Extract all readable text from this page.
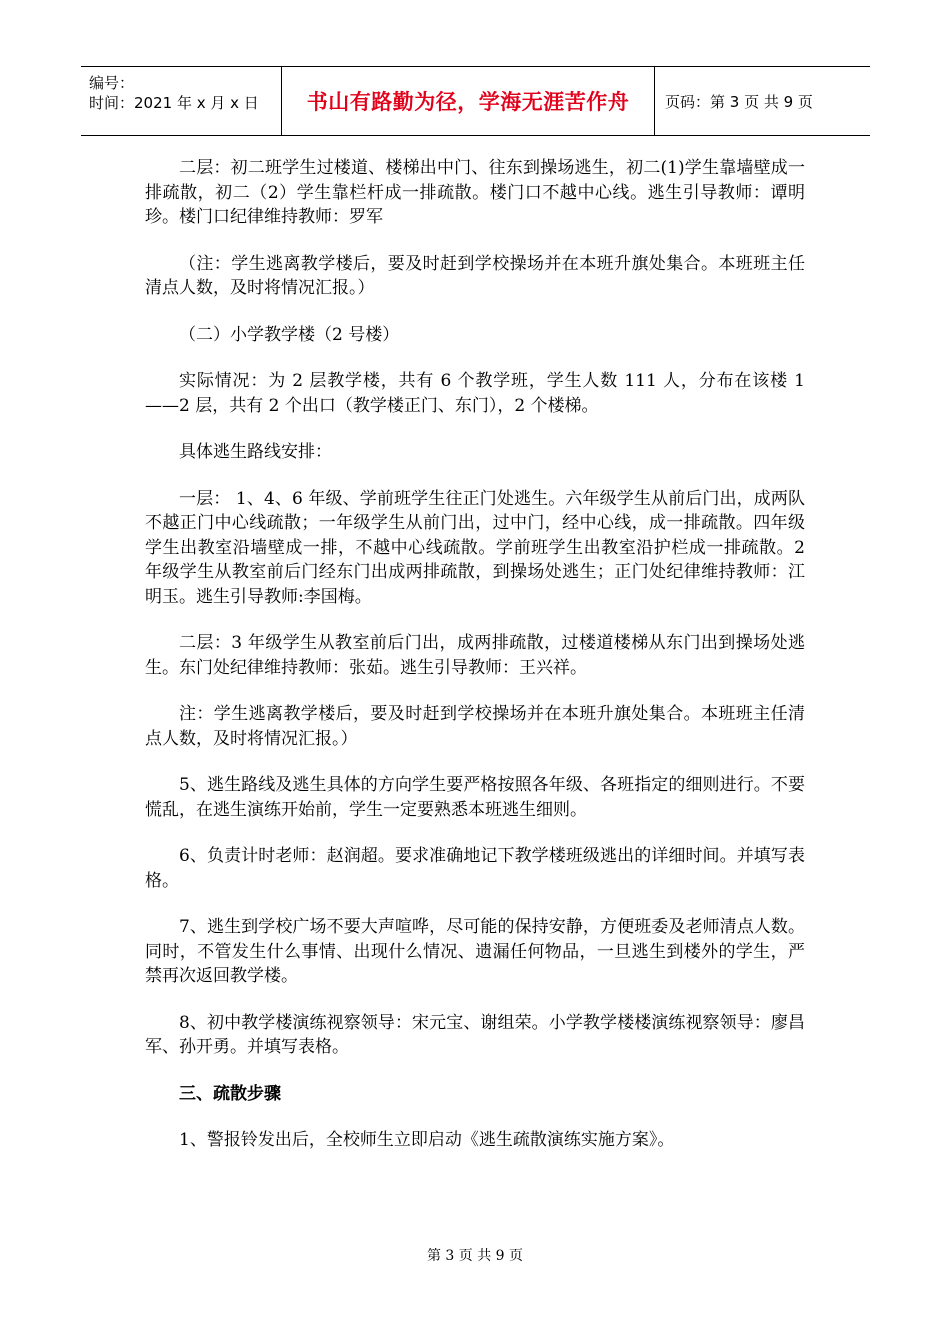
编号：
时间：2021 年 x 月 x 日	书山有路勤为径，学海无涯苦作舟 页码：第 3 页 共 9 页

二层：初二班学生过楼道、楼梯出中门、往东到操场逃生，初二(1)学生靠墙壁成一排疏散，初二（2）学生靠栏杆成一排疏散。楼门口不越中心线。逃生引导教师：谭明珍。楼门口纪律维持教师：罗军

（注：学生逃离教学楼后，要及时赶到学校操场并在本班升旗处集合。本班班主任清点人数，及时将情况汇报。）

（二）小学教学楼（2 号楼）

实际情况：为 2 层教学楼，共有 6 个教学班，学生人数 111 人，分布在该楼 1——2 层，共有 2 个出口（教学楼正门、东门），2 个楼梯。

具体逃生路线安排：

一层： 1、4、6 年级、学前班学生往正门处逃生。六年级学生从前后门出，成两队不越正门中心线疏散；一年级学生从前门出，过中门，经中心线，成一排疏散。四年级学生出教室沿墙壁成一排，不越中心线疏散。学前班学生出教室沿护栏成一排疏散。2 年级学生从教室前后门经东门出成两排疏散，到操场处逃生；正门处纪律维持教师：江明玉。逃生引导教师:李国梅。

二层：3 年级学生从教室前后门出，成两排疏散，过楼道楼梯从东门出到操场处逃生。东门处纪律维持教师：张茹。逃生引导教师：王兴祥。

注：学生逃离教学楼后，要及时赶到学校操场并在本班升旗处集合。本班班主任清点人数，及时将情况汇报。）

5、逃生路线及逃生具体的方向学生要严格按照各年级、各班指定的细则进行。不要慌乱，在逃生演练开始前，学生一定要熟悉本班逃生细则。

6、负责计时老师：赵润超。要求准确地记下教学楼班级逃出的详细时间。并填写表格。

7、逃生到学校广场不要大声喧哗，尽可能的保持安静，方便班委及老师清点人数。同时，不管发生什么事情、出现什么情况、遗漏任何物品，一旦逃生到楼外的学生，严禁再次返回教学楼。

8、初中教学楼演练视察领导：宋元宝、谢组荣。小学教学楼楼演练视察领导：廖昌军、孙开勇。并填写表格。

三、疏散步骤

1、警报铃发出后，全校师生立即启动《逃生疏散演练实施方案》。

第 3 页 共 9 页
